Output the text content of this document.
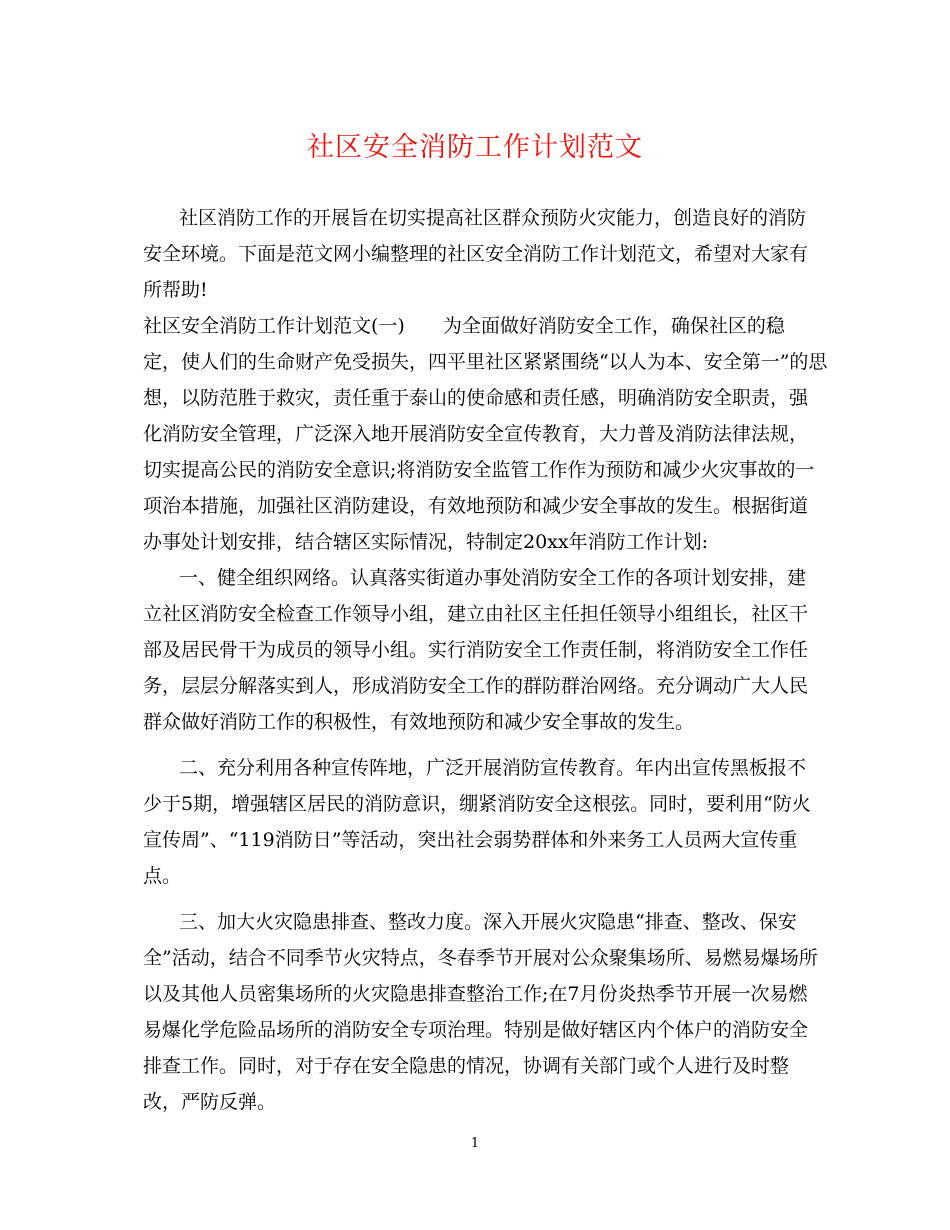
社区安全消防工作计划范文
社区消防工作的开展旨在切实提高社区群众预防火灾能力，创造良好的消防
安全环境。下面是范文网小编整理的社区安全消防工作计划范文，希望对大家有
所帮助!
社区安全消防工作计划范文(一)　　为全面做好消防安全工作，确保社区的稳
定，使人们的生命财产免受损失，四平里社区紧紧围绕“以人为本、安全第一”的思
想，以防范胜于救灾，责任重于泰山的使命感和责任感，明确消防安全职责，强
化消防安全管理，广泛深入地开展消防安全宣传教育，大力普及消防法律法规，
切实提高公民的消防安全意识;将消防安全监管工作作为预防和减少火灾事故的一
项治本措施，加强社区消防建设，有效地预防和减少安全事故的发生。根据街道
办事处计划安排，结合辖区实际情况，特制定20xx年消防工作计划:
一、健全组织网络。认真落实街道办事处消防安全工作的各项计划安排，建
立社区消防安全检查工作领导小组，建立由社区主任担任领导小组组长，社区干
部及居民骨干为成员的领导小组。实行消防安全工作责任制，将消防安全工作任
务，层层分解落实到人，形成消防安全工作的群防群治网络。充分调动广大人民
群众做好消防工作的积极性，有效地预防和减少安全事故的发生。
二、充分利用各种宣传阵地，广泛开展消防宣传教育。年内出宣传黑板报不
少于5期，增强辖区居民的消防意识，绷紧消防安全这根弦。同时，要利用“防火
宣传周”、“119消防日”等活动，突出社会弱势群体和外来务工人员两大宣传重
点。
三、加大火灾隐患排查、整改力度。深入开展火灾隐患“排查、整改、保安
全”活动，结合不同季节火灾特点，冬春季节开展对公众聚集场所、易燃易爆场所
以及其他人员密集场所的火灾隐患排查整治工作;在7月份炎热季节开展一次易燃
易爆化学危险品场所的消防安全专项治理。特别是做好辖区内个体户的消防安全
排查工作。同时，对于存在安全隐患的情况，协调有关部门或个人进行及时整
改，严防反弹。
1
